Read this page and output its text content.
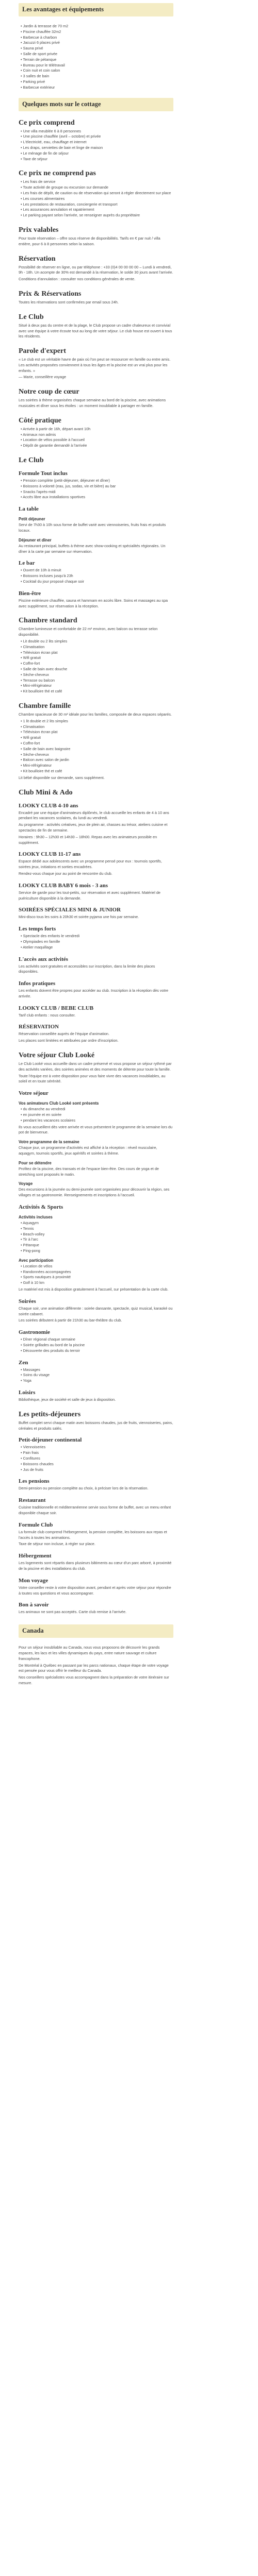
Les avantages et équipements
• Jardin & terrasse de 70 m2
• Piscine chauffée 32m2
• Barbecue à charbon
• Jacuzzi 6 places privé
• Sauna privé
• Salle de sport privée
• Terrain de pétanque
• Bureau pour le télétravail
• Coin nuit et coin salon
• 3 salles de bain
• Parking privé
• Barbecue extérieur
Quelques mots sur le cottage
Ce prix comprend
• Une villa meublée 6 à 8 personnes
• Une piscine chauffée (avril – octobre) et privée
• L'électricité, eau, chauffage et internet
• Les draps, serviettes de bain et linge de maison
• Le ménage de fin de séjour
• Taxe de séjour
Ce prix ne comprend pas
• Les frais de service
• Toute activité de groupe ou excursion sur demande
• Les frais de dépôt, de caution ou de réservation qui seront à régler directement sur place
• Les courses alimentaires
• Les prestations de restauration, conciergerie et transport
• Les assurances annulation et rapatriement
• Le parking payant selon l'arrivée, se renseigner auprès du propriétaire
Prix valables

Pour toute réservation – offre sous réserve de disponibilités. Tarifs en € par nuit / villa entière, pour 6 à 8 personnes selon la saison.

Réservation

Possibilité de réserver en ligne, ou par téléphone : +33 (0)4 00 00 00 00 – Lundi à vendredi, 9h - 18h. Un acompte de 30% est demandé à la réservation, le solde 30 jours avant l'arrivée.

Conditions d'annulation : consulter nos conditions générales de vente.

Prix & Réservations

Toutes les réservations sont confirmées par email sous 24h.

Le Club

Situé à deux pas du centre et de la plage, le Club propose un cadre chaleureux et convivial avec une équipe à votre écoute tout au long de votre séjour. Le club house est ouvert à tous les résidents.

Parole d'expert

« Le club est un véritable havre de paix où l'on peut se ressourcer en famille ou entre amis. Les activités proposées conviennent à tous les âges et la piscine est un vrai plus pour les enfants. »

— Marie, conseillère voyage

Notre coup de cœur

Les soirées à thème organisées chaque semaine au bord de la piscine, avec animations musicales et dîner sous les étoiles : un moment inoubliable à partager en famille.

Côté pratique
• Arrivée à partir de 16h, départ avant 10h
• Animaux non admis
• Location de vélos possible à l'accueil
• Dépôt de garantie demandé à l'arrivée
Le Club
Formule Tout inclus
• Pension complète (petit-déjeuner, déjeuner et dîner)
• Boissons à volonté (eau, jus, sodas, vin et bière) au bar
• Snacks l'après-midi
• Accès libre aux installations sportives
La table
Petit déjeuner

Servi de 7h30 à 10h sous forme de buffet varié avec viennoiseries, fruits frais et produits locaux.

Déjeuner et dîner

Au restaurant principal, buffets à thème avec show-cooking et spécialités régionales. Un dîner à la carte par semaine sur réservation.

Le bar
• Ouvert de 10h à minuit
• Boissons incluses jusqu'à 23h
• Cocktail du jour proposé chaque soir
Bien-être

Piscine extérieure chauffée, sauna et hammam en accès libre. Soins et massages au spa avec supplément, sur réservation à la réception.

Chambre standard

Chambre lumineuse et confortable de 22 m² environ, avec balcon ou terrasse selon disponibilité.

• Lit double ou 2 lits simples
• Climatisation
• Télévision écran plat
• Wifi gratuit
• Coffre-fort
• Salle de bain avec douche
• Sèche-cheveux
• Terrasse ou balcon
• Mini-réfrigérateur
• Kit bouilloire thé et café
Chambre famille

Chambre spacieuse de 30 m² idéale pour les familles, composée de deux espaces séparés.

• 1 lit double et 2 lits simples
• Climatisation
• Télévision écran plat
• Wifi gratuit
• Coffre-fort
• Salle de bain avec baignoire
• Sèche-cheveux
• Balcon avec salon de jardin
• Mini-réfrigérateur
• Kit bouilloire thé et café

Lit bébé disponible sur demande, sans supplément.

Club Mini & Ado
LOOKY CLUB 4-10 ans

Encadré par une équipe d'animateurs diplômés, le club accueille les enfants de 4 à 10 ans pendant les vacances scolaires, du lundi au vendredi.

Au programme : activités créatives, jeux de plein air, chasses au trésor, ateliers cuisine et spectacles de fin de semaine.

Horaires : 9h30 – 12h30 et 14h30 – 18h00. Repas avec les animateurs possible en supplément.

LOOKY CLUB 11-17 ans

Espace dédié aux adolescents avec un programme pensé pour eux : tournois sportifs, soirées jeux, initiations et sorties encadrées.

Rendez-vous chaque jour au point de rencontre du club.

LOOKY CLUB BABY 6 mois - 3 ans

Service de garde pour les tout-petits, sur réservation et avec supplément. Matériel de puériculture disponible à la demande.

SOIRÉES SPÉCIALES MINI & JUNIOR

Mini-disco tous les soirs à 20h30 et soirée pyjama une fois par semaine.

Les temps forts
• Spectacle des enfants le vendredi
• Olympiades en famille
• Atelier maquillage
L'accès aux activités

Les activités sont gratuites et accessibles sur inscription, dans la limite des places disponibles.

Infos pratiques

Les enfants doivent être propres pour accéder au club. Inscription à la réception dès votre arrivée.

LOOKY CLUB / BEBE CLUB

Tarif club enfants : nous consulter.

RÉSERVATION

Réservation conseillée auprès de l'équipe d'animation.

Les places sont limitées et attribuées par ordre d'inscription.

Votre séjour Club Looké

Le Club Looké vous accueille dans un cadre préservé et vous propose un séjour rythmé par des activités variées, des soirées animées et des moments de détente pour toute la famille.

Toute l'équipe est à votre disposition pour vous faire vivre des vacances inoubliables, au soleil et en toute sérénité.

Votre séjour
Vos animateurs Club Looké sont présents
• du dimanche au vendredi
• en journée et en soirée
• pendant les vacances scolaires

Ils vous accueillent dès votre arrivée et vous présentent le programme de la semaine lors du pot de bienvenue.

Votre programme de la semaine

Chaque jour, un programme d'activités est affiché à la réception : réveil musculaire, aquagym, tournois sportifs, jeux apéritifs et soirées à thème.

Pour se détendre

Profitez de la piscine, des transats et de l'espace bien-être. Des cours de yoga et de stretching sont proposés le matin.

Voyage

Des excursions à la journée ou demi-journée sont organisées pour découvrir la région, ses villages et sa gastronomie. Renseignements et inscriptions à l'accueil.

Activités & Sports
Activités incluses
• Aquagym
• Tennis
• Beach-volley
• Tir à l'arc
• Pétanque
• Ping-pong
Avec participation
• Location de vélos
• Randonnées accompagnées
• Sports nautiques à proximité
• Golf à 10 km

Le matériel est mis à disposition gratuitement à l'accueil, sur présentation de la carte club.

Soirées

Chaque soir, une animation différente : soirée dansante, spectacle, quiz musical, karaoké ou soirée cabaret.

Les soirées débutent à partir de 21h30 au bar-théâtre du club.

Gastronomie
• Dîner régional chaque semaine
• Soirée grillades au bord de la piscine
• Découverte des produits du terroir
Zen
• Massages
• Soins du visage
• Yoga
Loisirs

Bibliothèque, jeux de société et salle de jeux à disposition.

Les petits-déjeuners

Buffet complet servi chaque matin avec boissons chaudes, jus de fruits, viennoiseries, pains, céréales et produits salés.

Petit-déjeuner continental
• Viennoiseries
• Pain frais
• Confitures
• Boissons chaudes
• Jus de fruits
Les pensions

Demi-pension ou pension complète au choix, à préciser lors de la réservation.

Restaurant

Cuisine traditionnelle et méditerranéenne servie sous forme de buffet, avec un menu enfant disponible chaque soir.

Formule Club

La formule club comprend l'hébergement, la pension complète, les boissons aux repas et l'accès à toutes les animations.

Taxe de séjour non incluse, à régler sur place.

Hébergement

Les logements sont répartis dans plusieurs bâtiments au cœur d'un parc arboré, à proximité de la piscine et des installations du club.

Mon voyage

Votre conseiller reste à votre disposition avant, pendant et après votre séjour pour répondre à toutes vos questions et vous accompagner.

Bon à savoir

Les animaux ne sont pas acceptés. Carte club remise à l'arrivée.

Canada

Pour un séjour inoubliable au Canada, nous vous proposons de découvrir les grands espaces, les lacs et les villes dynamiques du pays, entre nature sauvage et culture francophone.

De Montréal à Québec en passant par les parcs nationaux, chaque étape de votre voyage est pensée pour vous offrir le meilleur du Canada.

Nos conseillers spécialistes vous accompagnent dans la préparation de votre itinéraire sur mesure.
